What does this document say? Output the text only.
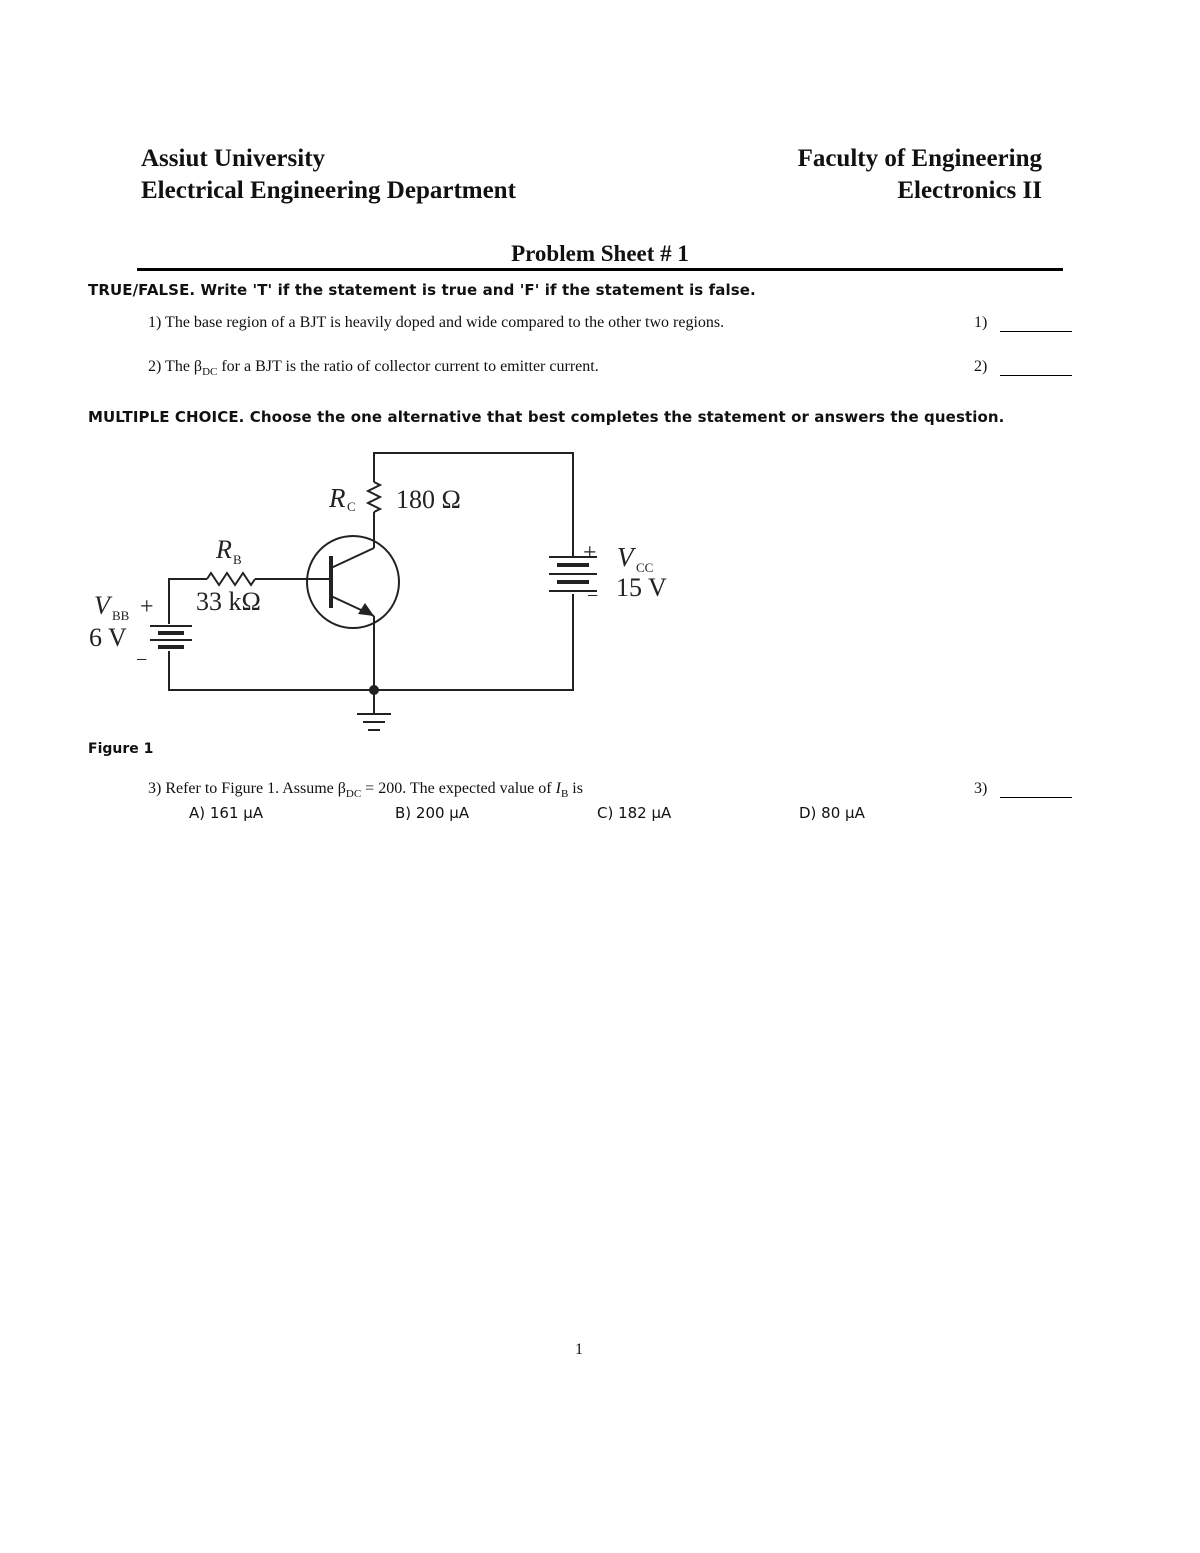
Assiut University
Electrical Engineering Department
Faculty of Engineering
Electronics II
Problem Sheet # 1
TRUE/FALSE. Write 'T' if the statement is true and 'F' if the statement is false.
1) The base region of a BJT is heavily doped and wide compared to the other two regions.	1)
2) The $\beta_{DC}$ for a BJT is the ratio of collector current to emitter current.	2)
MULTIPLE CHOICE. Choose the one alternative that best completes the statement or answers the question.
R C 180 Ω
R B
33 kΩ
V BB +
6 V
−
+ V CC
15 V
−
Figure 1
3) Refer to Figure 1. Assume $\beta_{DC} = 200$. The expected value of $I_B$ is	3)
A) 161 μA	B) 200 μA	C) 182 μA	D) 80 μA
1
